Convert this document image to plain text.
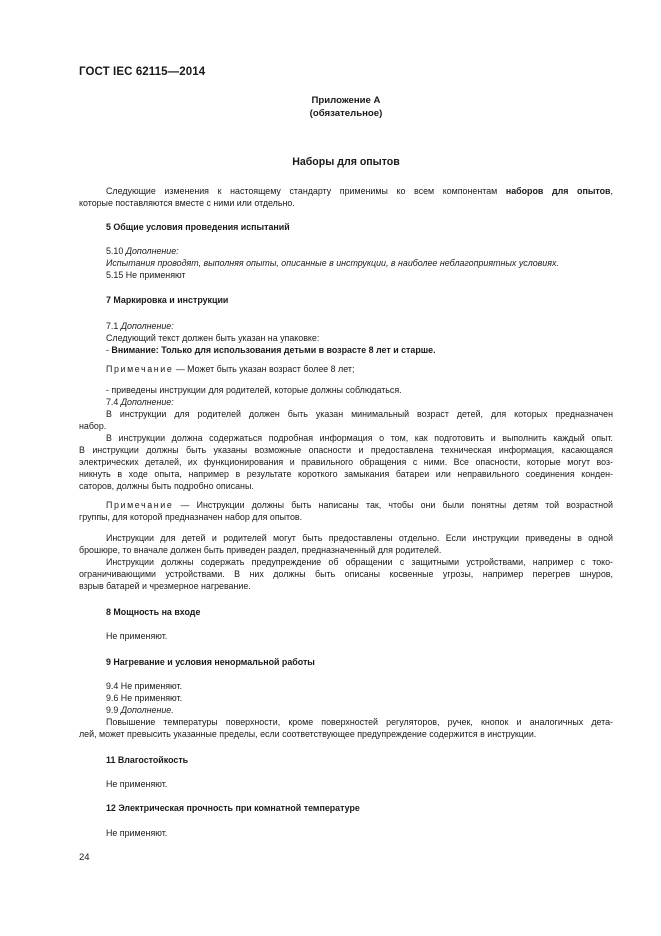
ГОСТ IEC 62115—2014

Приложение А

(обязательное)

Наборы для опытов

Следующие изменения к настоящему стандарту применимы ко всем компонентам наборов для опытов,

которые поставляются вместе с ними или отдельно.

5 Общие условия проведения испытаний

5.10 Дополнение:

Испытания проводят, выполняя опыты, описанные в инструкции, в наиболее неблагоприятных условиях.

5.15 Не применяют

7 Маркировка и инструкции

7.1 Дополнение:

Следующий текст должен быть указан на упаковке:

- Внимание: Только для использования детьми в возрасте 8 лет и старше.

Примечание — Может быть указан возраст более 8 лет;

- приведены инструкции для родителей, которые должны соблюдаться.

7.4 Дополнение:

В инструкции для родителей должен быть указан минимальный возраст детей, для которых предназначен

набор.

В инструкции должна содержаться подробная информация о том, как подготовить и выполнить каждый опыт.

В инструкции должны быть указаны возможные опасности и предоставлена техническая информация, касающаяся

электрических деталей, их функционирования и правильного обращения с ними. Все опасности, которые могут воз-

никнуть в ходе опыта, например в результате короткого замыкания батареи или неправильного соединения конден-

саторов, должны быть подробно описаны.

Примечание — Инструкции должны быть написаны так, чтобы они были понятны детям той возрастной

группы, для которой предназначен набор для опытов.

Инструкции для детей и родителей могут быть предоставлены отдельно. Если инструкции приведены в одной

брошюре, то вначале должен быть приведен раздел, предназначенный для родителей.

Инструкции должны содержать предупреждение об обращении с защитными устройствами, например с токо-

ограничивающими устройствами. В них должны быть описаны косвенные угрозы, например перегрев шнуров,

взрыв батарей и чрезмерное нагревание.

8 Мощность на входе

Не применяют.

9 Нагревание и условия ненормальной работы

9.4 Не применяют.

9.6 Не применяют.

9.9 Дополнение.

Повышение температуры поверхности, кроме поверхностей регуляторов, ручек, кнопок и аналогичных дета-

лей, может превысить указанные пределы, если соответствующее предупреждение содержится в инструкции.

11 Влагостойкость

Не применяют.

12 Электрическая прочность при комнатной температуре

Не применяют.

24
